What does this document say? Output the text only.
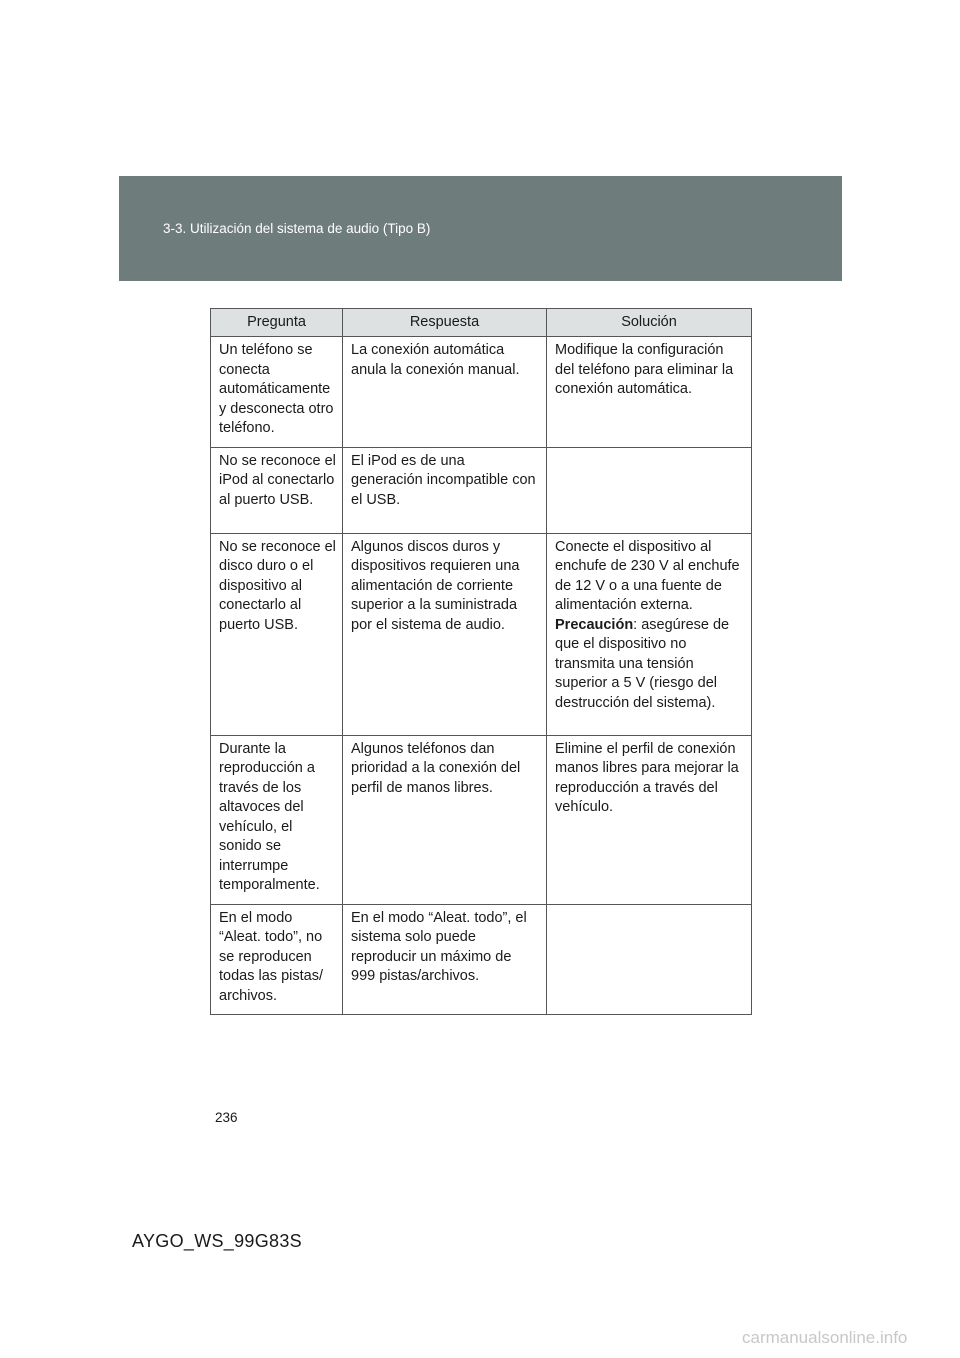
3-3. Utilización del sistema de audio (Tipo B)
Pregunta	Respuesta	Solución
Un teléfono se conecta automáticamente y desconecta otro teléfono.	La conexión automática anula la conexión manual.	Modifique la configuración del teléfono para eliminar la conexión automática.
No se reconoce el iPod al conectarlo al puerto USB.	El iPod es de una generación incompatible con el USB.	
No se reconoce el disco duro o el dispositivo al conectarlo al puerto USB.	Algunos discos duros y dispositivos requieren una alimentación de corriente superior a la suministrada por el sistema de audio.	Conecte el dispositivo al enchufe de 230 V al enchufe de 12 V o a una fuente de alimentación externa.
Precaución: asegúrese de que el dispositivo no transmita una tensión superior a 5 V (riesgo del destrucción del sistema).
Durante la reproducción a través de los altavoces del vehículo, el sonido se interrumpe temporalmente.	Algunos teléfonos dan prioridad a la conexión del perfil de manos libres.	Elimine el perfil de conexión manos libres para mejorar la reproducción a través del vehículo.
En el modo “Aleat. todo”, no se reproducen todas las pistas/ archivos.	En el modo “Aleat. todo”, el sistema solo puede reproducir un máximo de 999 pistas/archivos.	
236
AYGO_WS_99G83S
carmanualsonline.info
